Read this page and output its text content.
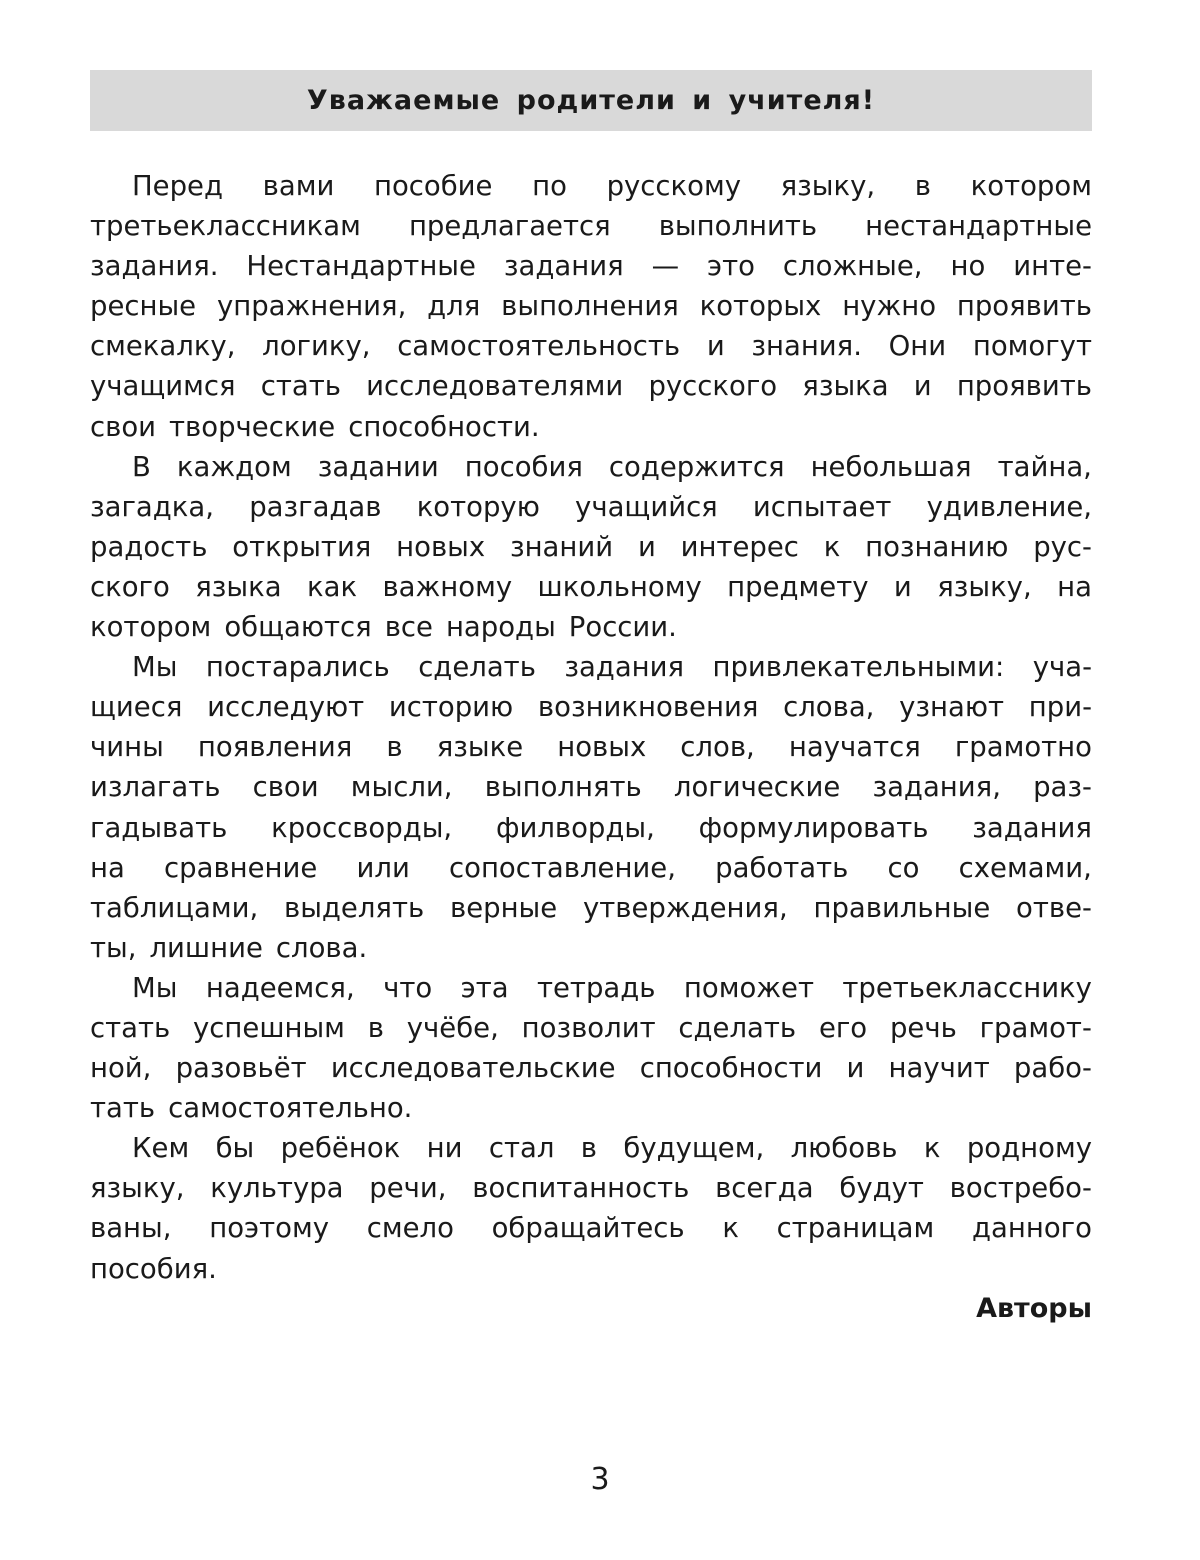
Уважаемые родители и учителя!
Перед вами пособие по русскому языку, в котором
третьеклассникам предлагается выполнить нестандартные
задания. Нестандартные задания — это сложные, но инте-
ресные упражнения, для выполнения которых нужно проявить
смекалку, логику, самостоятельность и знания. Они помогут
учащимся стать исследователями русского языка и проявить
свои творческие способности.
В каждом задании пособия содержится небольшая тайна,
загадка, разгадав которую учащийся испытает удивление,
радость открытия новых знаний и интерес к познанию рус-
ского языка как важному школьному предмету и языку, на
котором общаются все народы России.
Мы постарались сделать задания привлекательными: уча-
щиеся исследуют историю возникновения слова, узнают при-
чины появления в языке новых слов, научатся грамотно
излагать свои мысли, выполнять логические задания, раз-
гадывать кроссворды, филворды, формулировать задания
на сравнение или сопоставление, работать со схемами,
таблицами, выделять верные утверждения, правильные отве-
ты, лишние слова.
Мы надеемся, что эта тетрадь поможет третьекласснику
стать успешным в учёбе, позволит сделать его речь грамот-
ной, разовьёт исследовательские способности и научит рабо-
тать самостоятельно.
Кем бы ребёнок ни стал в будущем, любовь к родному
языку, культура речи, воспитанность всегда будут востребо-
ваны, поэтому смело обращайтесь к страницам данного
пособия.
Авторы
3
